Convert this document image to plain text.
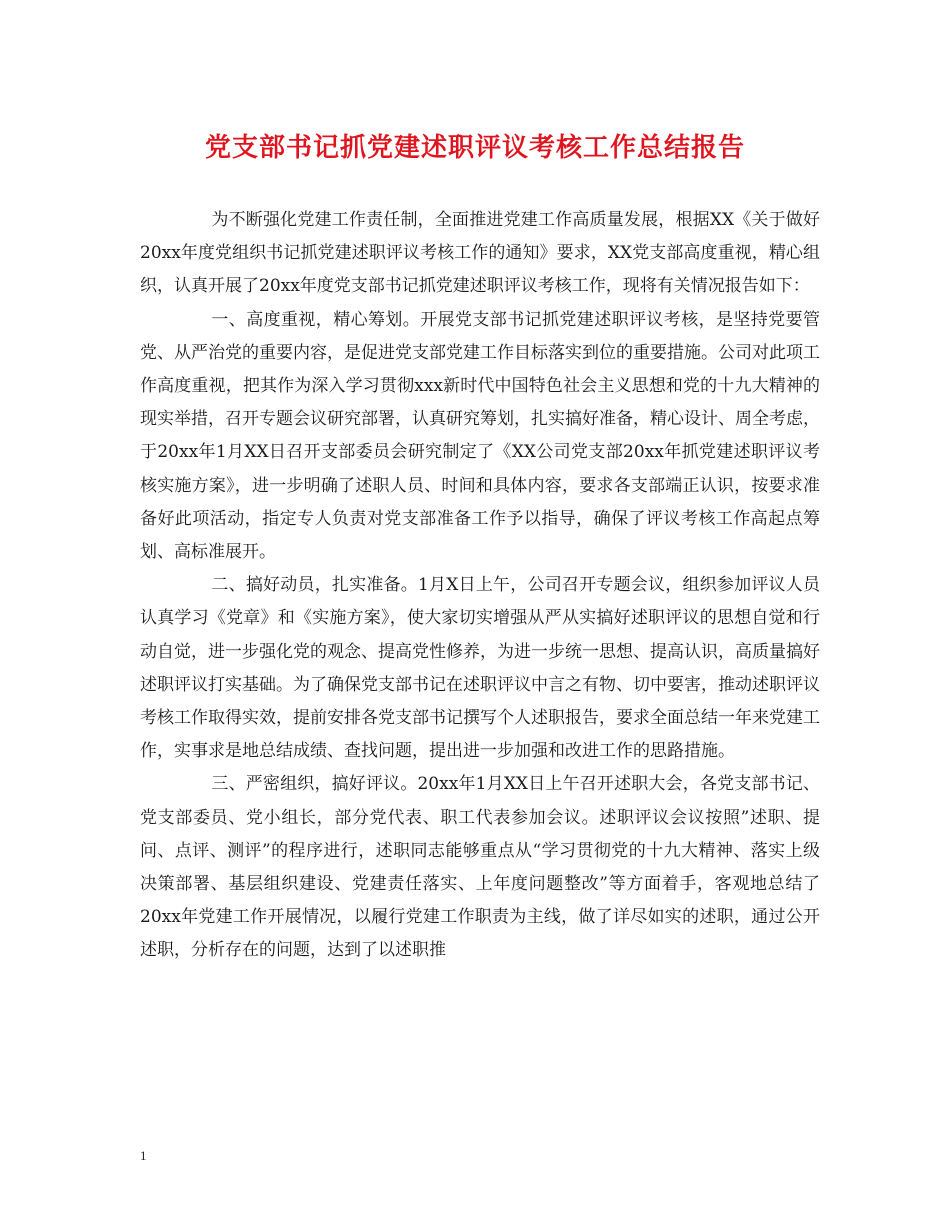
党支部书记抓党建述职评议考核工作总结报告

为不断强化党建工作责任制，全面推进党建工作高质量发展，根据XX《关于做好20xx年度党组织书记抓党建述职评议考核工作的通知》要求，XX党支部高度重视，精心组织，认真开展了20xx年度党支部书记抓党建述职评议考核工作，现将有关情况报告如下：

一、高度重视，精心筹划。开展党支部书记抓党建述职评议考核，是坚持党要管党、从严治党的重要内容，是促进党支部党建工作目标落实到位的重要措施。公司对此项工作高度重视，把其作为深入学习贯彻xxx新时代中国特色社会主义思想和党的十九大精神的现实举措，召开专题会议研究部署，认真研究筹划，扎实搞好准备，精心设计、周全考虑，于20xx年1月XX日召开支部委员会研究制定了《XX公司党支部20xx年抓党建述职评议考核实施方案》，进一步明确了述职人员、时间和具体内容，要求各支部端正认识，按要求准备好此项活动，指定专人负责对党支部准备工作予以指导，确保了评议考核工作高起点筹划、高标准展开。

二、搞好动员，扎实准备。1月X日上午，公司召开专题会议，组织参加评议人员认真学习《党章》和《实施方案》，使大家切实增强从严从实搞好述职评议的思想自觉和行动自觉，进一步强化党的观念、提高党性修养，为进一步统一思想、提高认识，高质量搞好述职评议打实基础。为了确保党支部书记在述职评议中言之有物、切中要害，推动述职评议考核工作取得实效，提前安排各党支部书记撰写个人述职报告，要求全面总结一年来党建工作，实事求是地总结成绩、查找问题，提出进一步加强和改进工作的思路措施。

三、严密组织，搞好评议。20xx年1月XX日上午召开述职大会，各党支部书记、党支部委员、党小组长，部分党代表、职工代表参加会议。述职评议会议按照”述职、提问、点评、测评”的程序进行，述职同志能够重点从“学习贯彻党的十九大精神、落实上级决策部署、基层组织建设、党建责任落实、上年度问题整改”等方面着手，客观地总结了20xx年党建工作开展情况，以履行党建工作职责为主线，做了详尽如实的述职，通过公开述职，分析存在的问题，达到了以述职推

1
